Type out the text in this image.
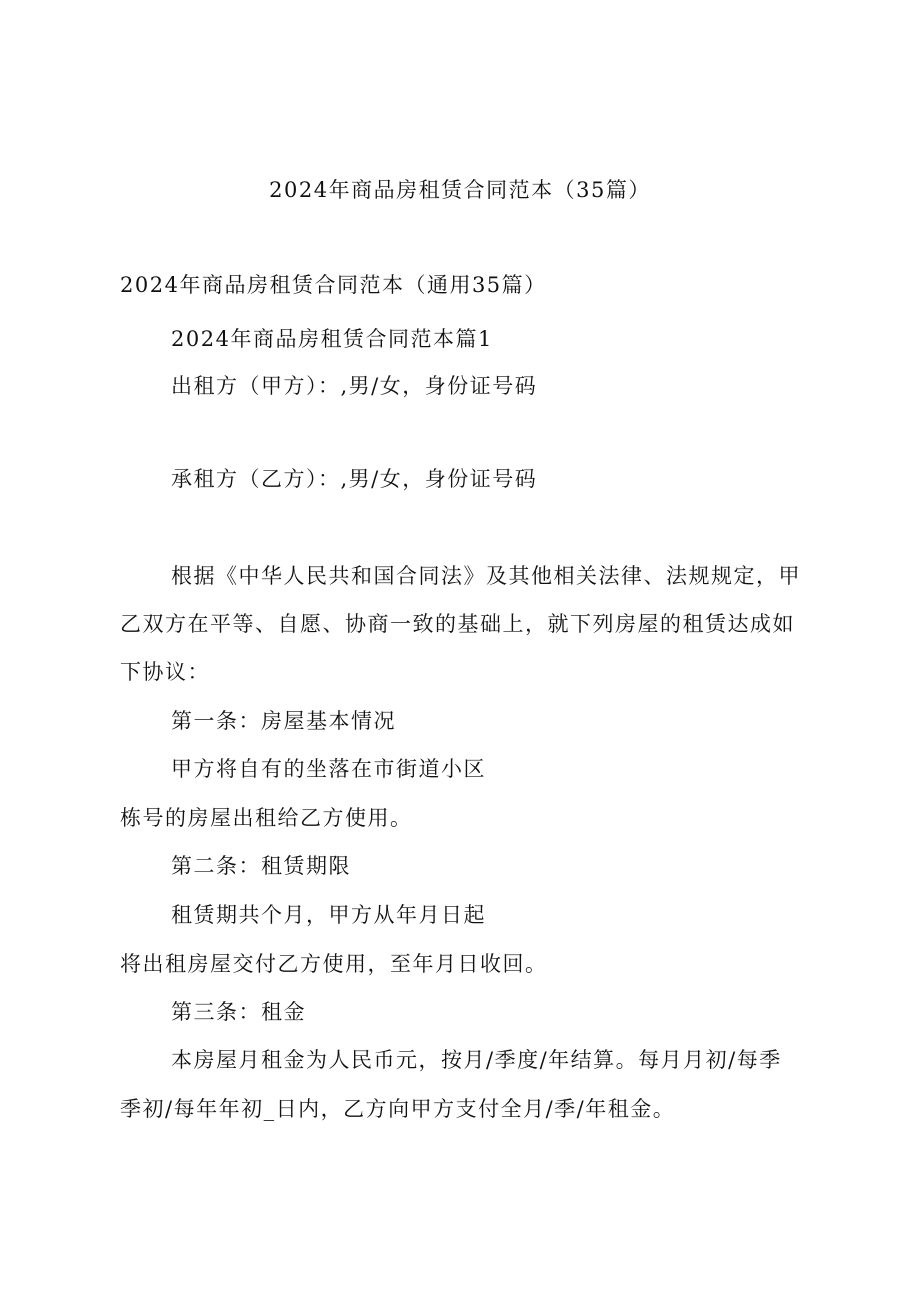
2024年商品房租赁合同范本（35篇）
2024年商品房租赁合同范本（通用35篇）
2024年商品房租赁合同范本篇1
出租方（甲方）：,男/女，身份证号码
承租方（乙方）：,男/女，身份证号码
根据《中华人民共和国合同法》及其他相关法律、法规规定，甲
乙双方在平等、自愿、协商一致的基础上，就下列房屋的租赁达成如
下协议：
第一条：房屋基本情况
甲方将自有的坐落在市街道小区
栋号的房屋出租给乙方使用。
第二条：租赁期限
租赁期共个月，甲方从年月日起
将出租房屋交付乙方使用，至年月日收回。
第三条：租金
本房屋月租金为人民币元，按月/季度/年结算。每月月初/每季
季初/每年年初_日内，乙方向甲方支付全月/季/年租金。
